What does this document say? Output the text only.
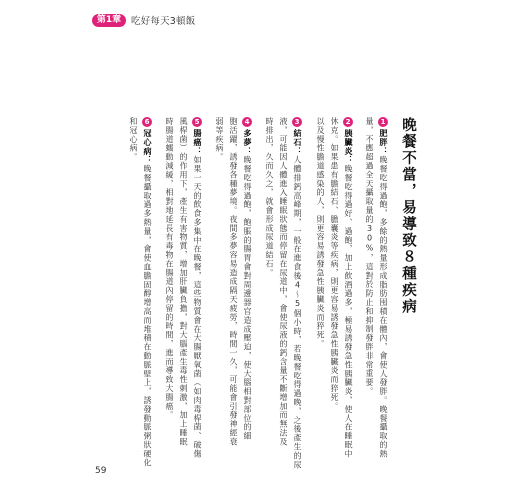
第1章	吃好每天3頓飯
晚餐不當，易導致８種疾病
1肥胖：晚餐吃得過飽，多餘的熱量形成脂肪囤積在體內，會使人發胖。晚餐攝取的熱
量，不應超過全天攝取量的30%，這對於防止和抑制發胖非常重要。
2胰臟炎：晚餐吃得過好、過飽，加上飲酒過多，極易誘發急性胰臟炎，使人在睡眠中
休克。如果患有膽結石、膽囊炎等疾病，則更容易誘發急性胰臟炎而猝死。
以及慢性膽道感染的人，則更容易誘發急性胰臟炎而猝死。
3結石：人體排鈣高峰期，一般在進食後4～5個小時，若晚餐吃得過晚，之後產生的尿
液，可能因人體進入睡眠狀態而停留在尿道中，會使尿液的鈣含量不斷增加而無法及
時排出，久而久之，就會形成尿道結石。
4多夢：晚餐吃得過飽，飽脹的腸胃會對周邊器官造成壓迫，使大腦相對部位的細
胞活躍，誘發各種夢境。夜間多夢容易造成隔天疲勞，時間一久，可能會引發神經衰
弱等疾病。
5腸癌：如果一天的飲食多集中在晚餐，這些物質會在大腸厭氧菌（如肉毒桿菌、破傷
風桿菌）的作用下，產生有害物質，增加肝臟負擔，對大腦產生毒性刺激，加上睡眠
時腸道蠕動減緩，相對地延長有毒物在腸道內停留的時間，進而導致大腸癌。
6冠心病：晚餐攝取過多熱量，會使血膽固醇增高而堆積在動脈壁上，誘發動脈粥狀硬化
和冠心病。
59
